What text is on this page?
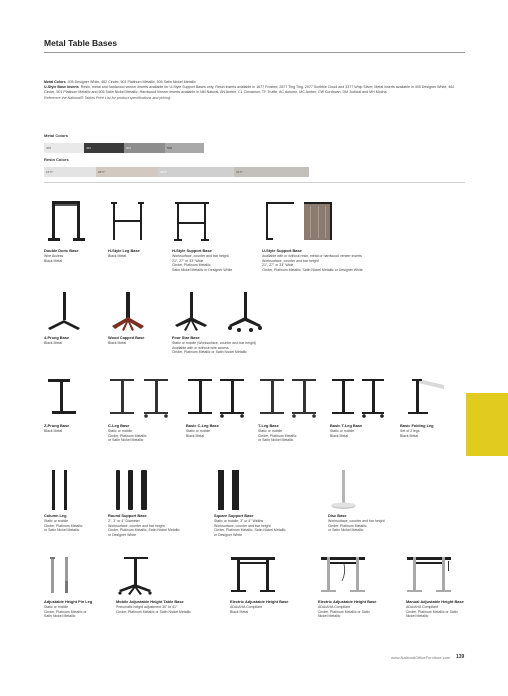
Metal Table Bases

Metal Colors 405 Designer White, 462 Cinder, 501 Platinum Metallic, 505 Satin Nickel Metallic

U-Style Base Inserts Resin, metal and hardwood veneer inserts available for U-Style Support Bases only; Resin inserts available in 1677 Frosted, 2877 Ting Ting, 2977 Scribble Cloud and 3377 Whip Silver; Metal inserts available in 405 Designer White, 462 Cinder, 501 Platinum Metallic and 505 Satin Nickel Metallic; Hardwood Veneer inserts available in NM Natural, AN Amber, CL Cinnamon, TF Truffle, AC Autumn, MC Amber, CW Cordovan, DM Judicial and MH Mocha

Reference the National® Tables Price List for product specifications and pricing.

Metal Colors
405	462	501	505
Resin Colors
1677	2877	2977	3377
Double Doric Base
Wire Access
Black Metal
H-Style Leg Base
Black Metal
H-Style Support Base
Worksurface, counter and bar height
21", 27" or 33" Wide
Cinder, Platinum Metallic,
Satin Nickel Metallic or Designer White
U-Style Support Base
Available with or without resin, metal or hardwood veneer inserts
Worksurface, counter and bar height
21", 27" or 33" Wide
Cinder, Platinum Metallic, Satin Nickel Metallic or Designer White
4-Prong Base
Black Metal
Wood Capped Base
Black Metal
Four Star Base
Static or mobile (Worksurface, counter and bar height)
Available with or without wire access
Cinder, Platinum Metallic or Satin Nickel Metallic
Z-Prong Base
Black Metal
C-Leg Base
Static or mobile
Cinder, Platinum Metallic
or Satin Nickel Metallic
Basic C-Leg Base
Static or mobile
Black Metal
T-Leg Base
Static or mobile
Cinder, Platinum Metallic
or Satin Nickel Metallic
Basic T-Leg Base
Static or mobile
Black Metal
Basic Folding Leg
Set of 2 legs
Black Metal
Column Leg
Static or mobile
Cinder, Platinum Metallic
or Satin Nickel Metallic
Round Support Base
2", 3" or 4" Diameter
Worksurface, counter and bar height
Cinder, Platinum Metallic, Satin Nickel Metallic
or Designer White
Square Support Base
Static or mobile; 3" or 4" Widths
Worksurface, counter and bar height
Cinder, Platinum Metallic, Satin Nickel Metallic
or Designer White
Disc Base
Worksurface, counter and bar height
Cinder, Platinum Metallic
or Satin Nickel Metallic
Adjustable Height Pin Leg
Static or mobile
Cinder, Platinum Metallic or
Satin Nickel Metallic
Mobile Adjustable Height Table Base
Pneumatic height adjustment 30" to 41"
Cinder, Platinum Metallic or Satin Nickel Metallic
Electric Adjustable Height Base
ADA/AHA Compliant
Black Metal
Electric Adjustable Height Base
ADA/AHA Compliant
Cinder, Platinum Metallic or Satin
Nickel Metallic
Manual Adjustable Height Base
ADA/AHA Compliant
Cinder, Platinum Metallic or Satin
Nickel Metallic
www.NationalOfficeFurniture.com 139
